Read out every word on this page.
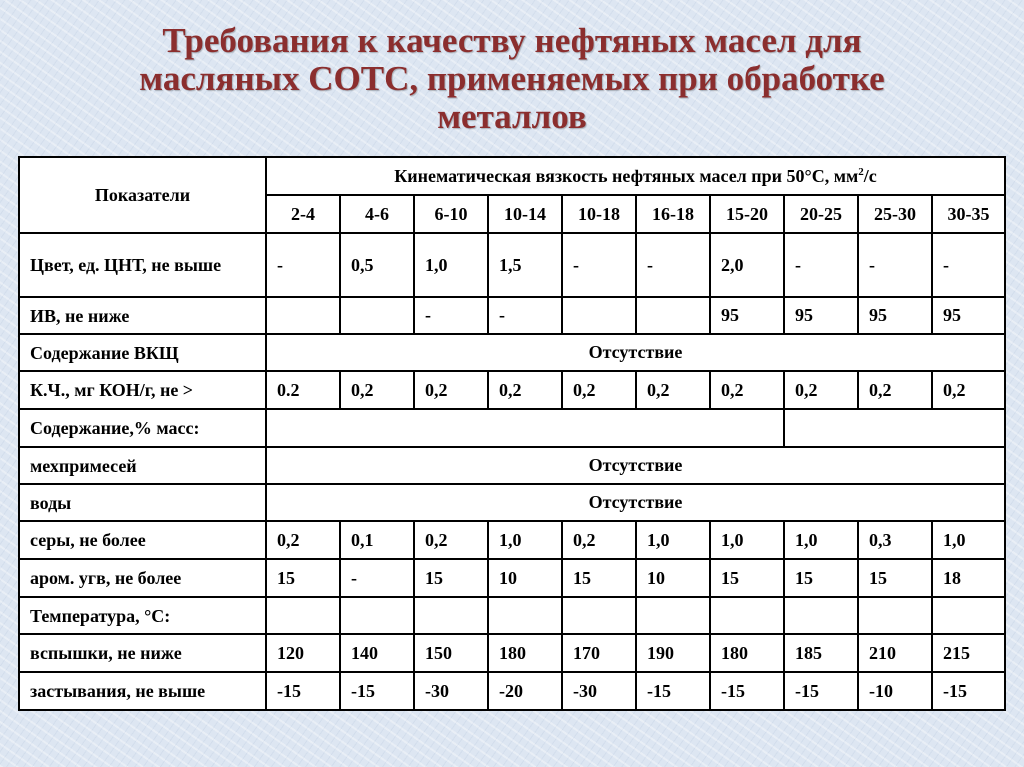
Требования к качеству нефтяных масел для
масляных СОТС, применяемых при обработке
металлов
Показатели	Кинематическая вязкость нефтяных масел при 50°С, $мм^2/с$									
	2-4	4-6	6-10	10-14	10-18	16-18	15-20	20-25	25-30	30-35
Цвет, ед. ЦНТ, не выше	-	0,5	1,0	1,5	-	-	2,0	-	-	-
ИВ, не ниже			-	-			95	95	95	95
Содержание ВКЩ	Отсутствие									
К.Ч., мг КОН/г, не >	0.2	0,2	0,2	0,2	0,2	0,2	0,2	0,2	0,2	0,2
Содержание,% масс:										
мехпримесей	Отсутствие									
воды	Отсутствие									
серы, не более	0,2	0,1	0,2	1,0	0,2	1,0	1,0	1,0	0,3	1,0
аром. угв, не более	15	-	15	10	15	10	15	15	15	18
Температура, °С:										
вспышки, не ниже	120	140	150	180	170	190	180	185	210	215
застывания, не выше	-15	-15	-30	-20	-30	-15	-15	-15	-10	-15
